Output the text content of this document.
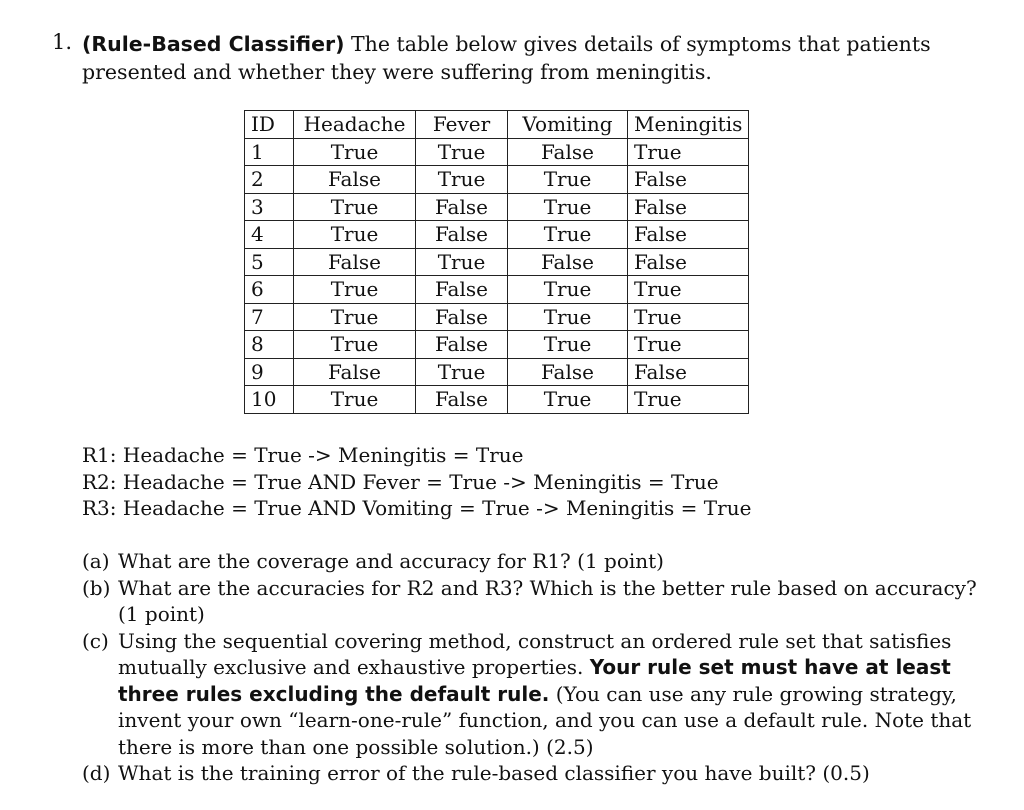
1. (Rule-Based Classifier) The table below gives details of symptoms that patients presented and whether they were suffering from meningitis.
ID	Headache	Fever	Vomiting	Meningitis
1	True	True	False	True
2	False	True	True	False
3	True	False	True	False
4	True	False	True	False
5	False	True	False	False
6	True	False	True	True
7	True	False	True	True
8	True	False	True	True
9	False	True	False	False
10	True	False	True	True
R1: Headache = True -> Meningitis = True
R2: Headache = True AND Fever = True -> Meningitis = True
R3: Headache = True AND Vomiting = True -> Meningitis = True
(a) What are the coverage and accuracy for R1? (1 point)
(b) What are the accuracies for R2 and R3? Which is the better rule based on accuracy? (1 point)
(c) Using the sequential covering method, construct an ordered rule set that satisfies mutually exclusive and exhaustive properties. Your rule set must have at least three rules excluding the default rule. (You can use any rule growing strategy, invent your own “learn-one-rule” function, and you can use a default rule. Note that there is more than one possible solution.) (2.5)
(d) What is the training error of the rule-based classifier you have built? (0.5)
